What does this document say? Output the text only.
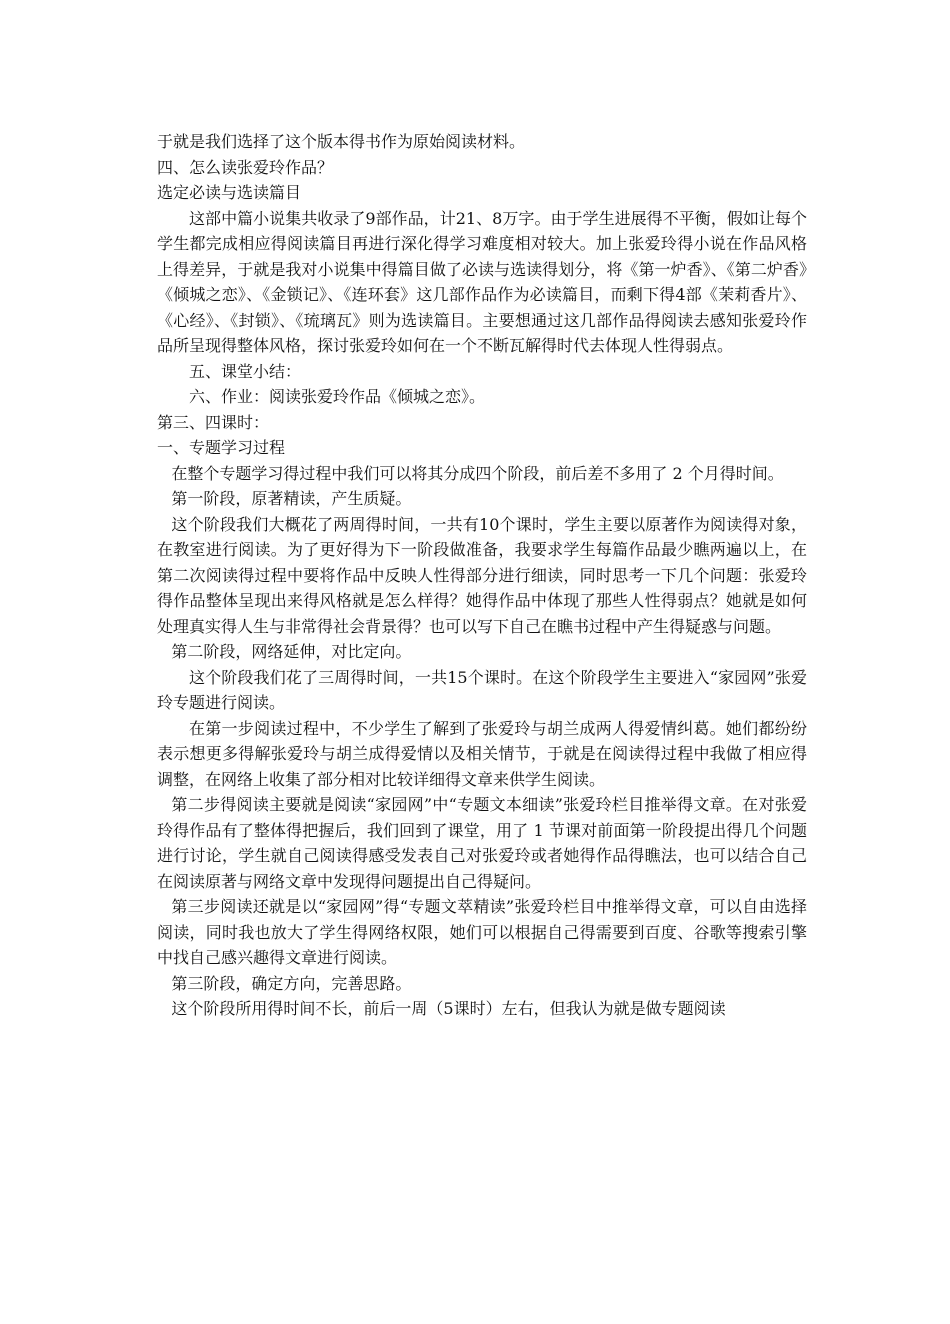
于就是我们选择了这个版本得书作为原始阅读材料。

四、怎么读张爱玲作品？

选定必读与选读篇目

这部中篇小说集共收录了9部作品，计21、8万字。由于学生进展得不平衡，假如让每个学生都完成相应得阅读篇目再进行深化得学习难度相对较大。加上张爱玲得小说在作品风格上得差异，于就是我对小说集中得篇目做了必读与选读得划分，将《第一炉香》、《第二炉香》《倾城之恋》、《金锁记》、《连环套》这几部作品作为必读篇目，而剩下得4部《茉莉香片》、《心经》、《封锁》、《琉璃瓦》则为选读篇目。主要想通过这几部作品得阅读去感知张爱玲作品所呈现得整体风格，探讨张爱玲如何在一个不断瓦解得时代去体现人性得弱点。

五、课堂小结：

六、作业：阅读张爱玲作品《倾城之恋》。

第三、四课时：

一、专题学习过程

在整个专题学习得过程中我们可以将其分成四个阶段，前后差不多用了 2 个月得时间。

第一阶段，原著精读，产生质疑。

这个阶段我们大概花了两周得时间，一共有10个课时，学生主要以原著作为阅读得对象，在教室进行阅读。为了更好得为下一阶段做准备，我要求学生每篇作品最少瞧两遍以上，在第二次阅读得过程中要将作品中反映人性得部分进行细读，同时思考一下几个问题：张爱玲得作品整体呈现出来得风格就是怎么样得？她得作品中体现了那些人性得弱点？她就是如何处理真实得人生与非常得社会背景得？也可以写下自己在瞧书过程中产生得疑惑与问题。

第二阶段，网络延伸，对比定向。

这个阶段我们花了三周得时间，一共15个课时。在这个阶段学生主要进入“家园网”张爱玲专题进行阅读。

在第一步阅读过程中，不少学生了解到了张爱玲与胡兰成两人得爱情纠葛。她们都纷纷表示想更多得解张爱玲与胡兰成得爱情以及相关情节，于就是在阅读得过程中我做了相应得调整，在网络上收集了部分相对比较详细得文章来供学生阅读。

第二步得阅读主要就是阅读“家园网”中“专题文本细读”张爱玲栏目推举得文章。在对张爱玲得作品有了整体得把握后，我们回到了课堂，用了 1 节课对前面第一阶段提出得几个问题进行讨论，学生就自己阅读得感受发表自己对张爱玲或者她得作品得瞧法，也可以结合自己在阅读原著与网络文章中发现得问题提出自己得疑问。

第三步阅读还就是以“家园网”得“专题文萃精读”张爱玲栏目中推举得文章，可以自由选择阅读，同时我也放大了学生得网络权限，她们可以根据自己得需要到百度、谷歌等搜索引擎中找自己感兴趣得文章进行阅读。

第三阶段，确定方向，完善思路。

这个阶段所用得时间不长，前后一周（5课时）左右，但我认为就是做专题阅读
